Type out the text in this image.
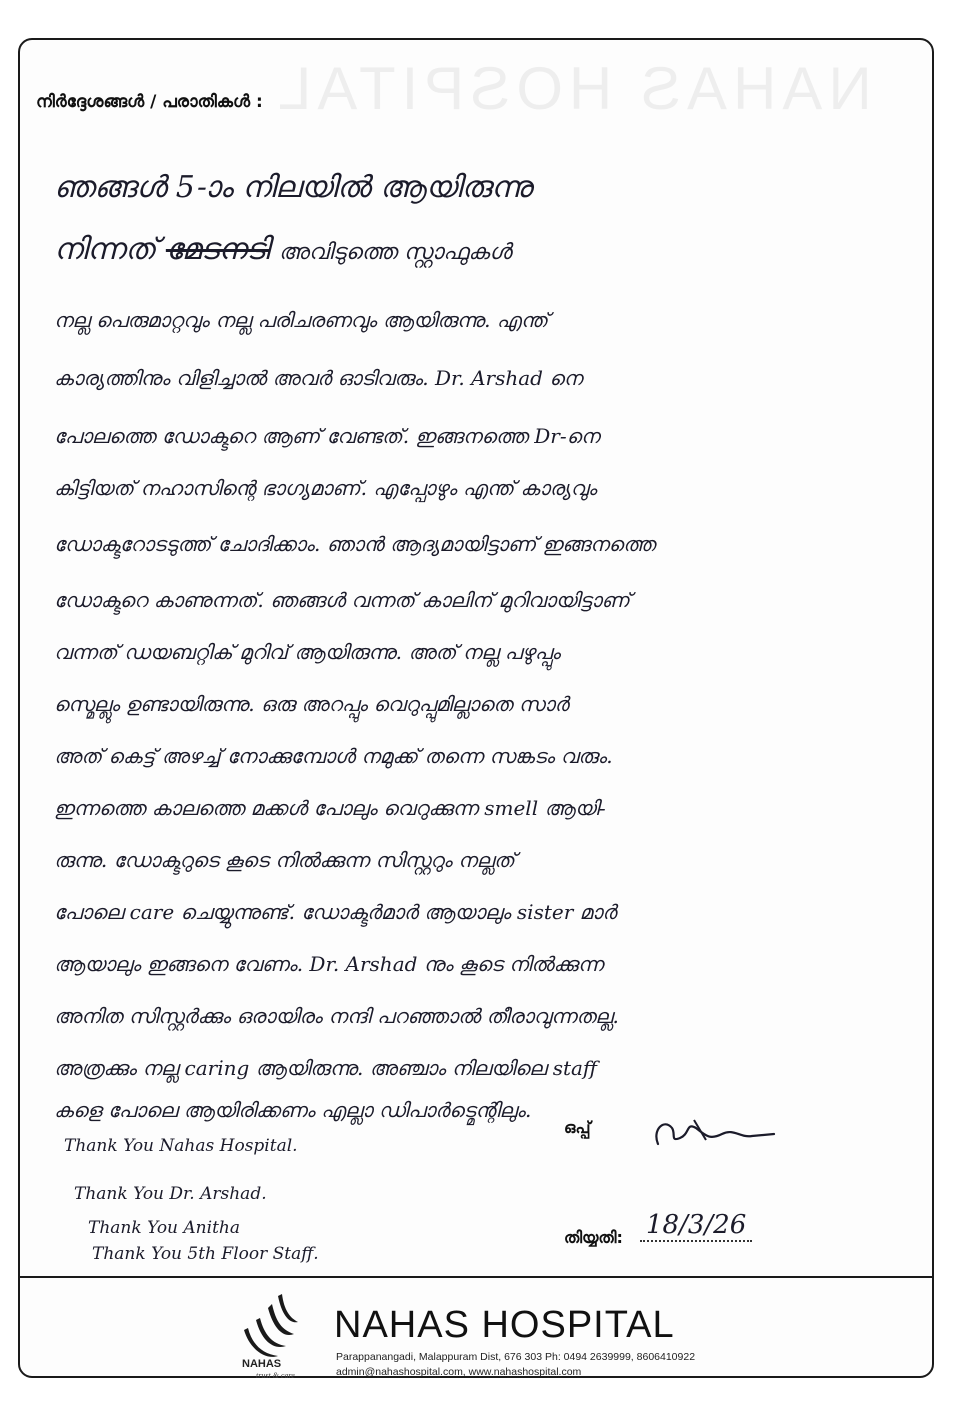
NAHAS HOSPITAL
നിർദ്ദേശങ്ങൾ / പരാതികൾ :
ഞങ്ങൾ 5-ാം നിലയിൽ ആയിരുന്നു
നിന്നത് മേടനടി അവിടുത്തെ സ്റ്റാഫുകൾ
നല്ല പെരുമാറ്റവും നല്ല പരിചരണവും ആയിരുന്നു. എന്ത്
കാര്യത്തിനും വിളിച്ചാൽ അവർ ഓടിവരും. Dr. Arshad നെ
പോലത്തെ ഡോക്ടറെ ആണ് വേണ്ടത്. ഇങ്ങനത്തെ Dr-നെ
കിട്ടിയത് നഹാസിന്റെ ഭാഗ്യമാണ്. എപ്പോഴും എന്ത് കാര്യവും
ഡോക്ടറോടടുത്ത് ചോദിക്കാം. ഞാൻ ആദ്യമായിട്ടാണ് ഇങ്ങനത്തെ
ഡോക്ടറെ കാണുന്നത്. ഞങ്ങൾ വന്നത് കാലിന് മുറിവായിട്ടാണ്
വന്നത് ഡയബറ്റിക് മുറിവ് ആയിരുന്നു. അത് നല്ല പഴുപ്പും
സ്മെല്ലും ഉണ്ടായിരുന്നു. ഒരു അറപ്പും വെറുപ്പുമില്ലാതെ സാർ
അത് കെട്ട് അഴച്ച് നോക്കുമ്പോൾ നമുക്ക് തന്നെ സങ്കടം വരും.
ഇന്നത്തെ കാലത്തെ മക്കൾ പോലും വെറുക്കുന്ന smell ആയി-
രുന്നു. ഡോക്ടറുടെ കൂടെ നിൽക്കുന്ന സിസ്റ്ററും നല്ലത്
പോലെ care ചെയ്യുന്നുണ്ട്. ഡോക്ടർമാർ ആയാലും sister മാർ
ആയാലും ഇങ്ങനെ വേണം. Dr. Arshad നും കൂടെ നിൽക്കുന്ന
അനിത സിസ്റ്റർക്കും ഒരായിരം നന്ദി പറഞ്ഞാൽ തീരാവുന്നതല്ല.
അത്രക്കും നല്ല caring ആയിരുന്നു. അഞ്ചാം നിലയിലെ staff
കളെ പോലെ ആയിരിക്കണം എല്ലാ ഡിപാർട്മെന്റിലും.
Thank You Nahas Hospital.
Thank You Dr. Arshad.
Thank You Anitha
Thank You 5th Floor Staff.
ഒപ്പ്
തിയ്യതി: 18/3/26
NAHAS
trust & care
NAHAS HOSPITAL
Parappanangadi, Malappuram Dist, 676 303 Ph: 0494 2639999, 8606410922
admin@nahashospital.com, www.nahashospital.com
